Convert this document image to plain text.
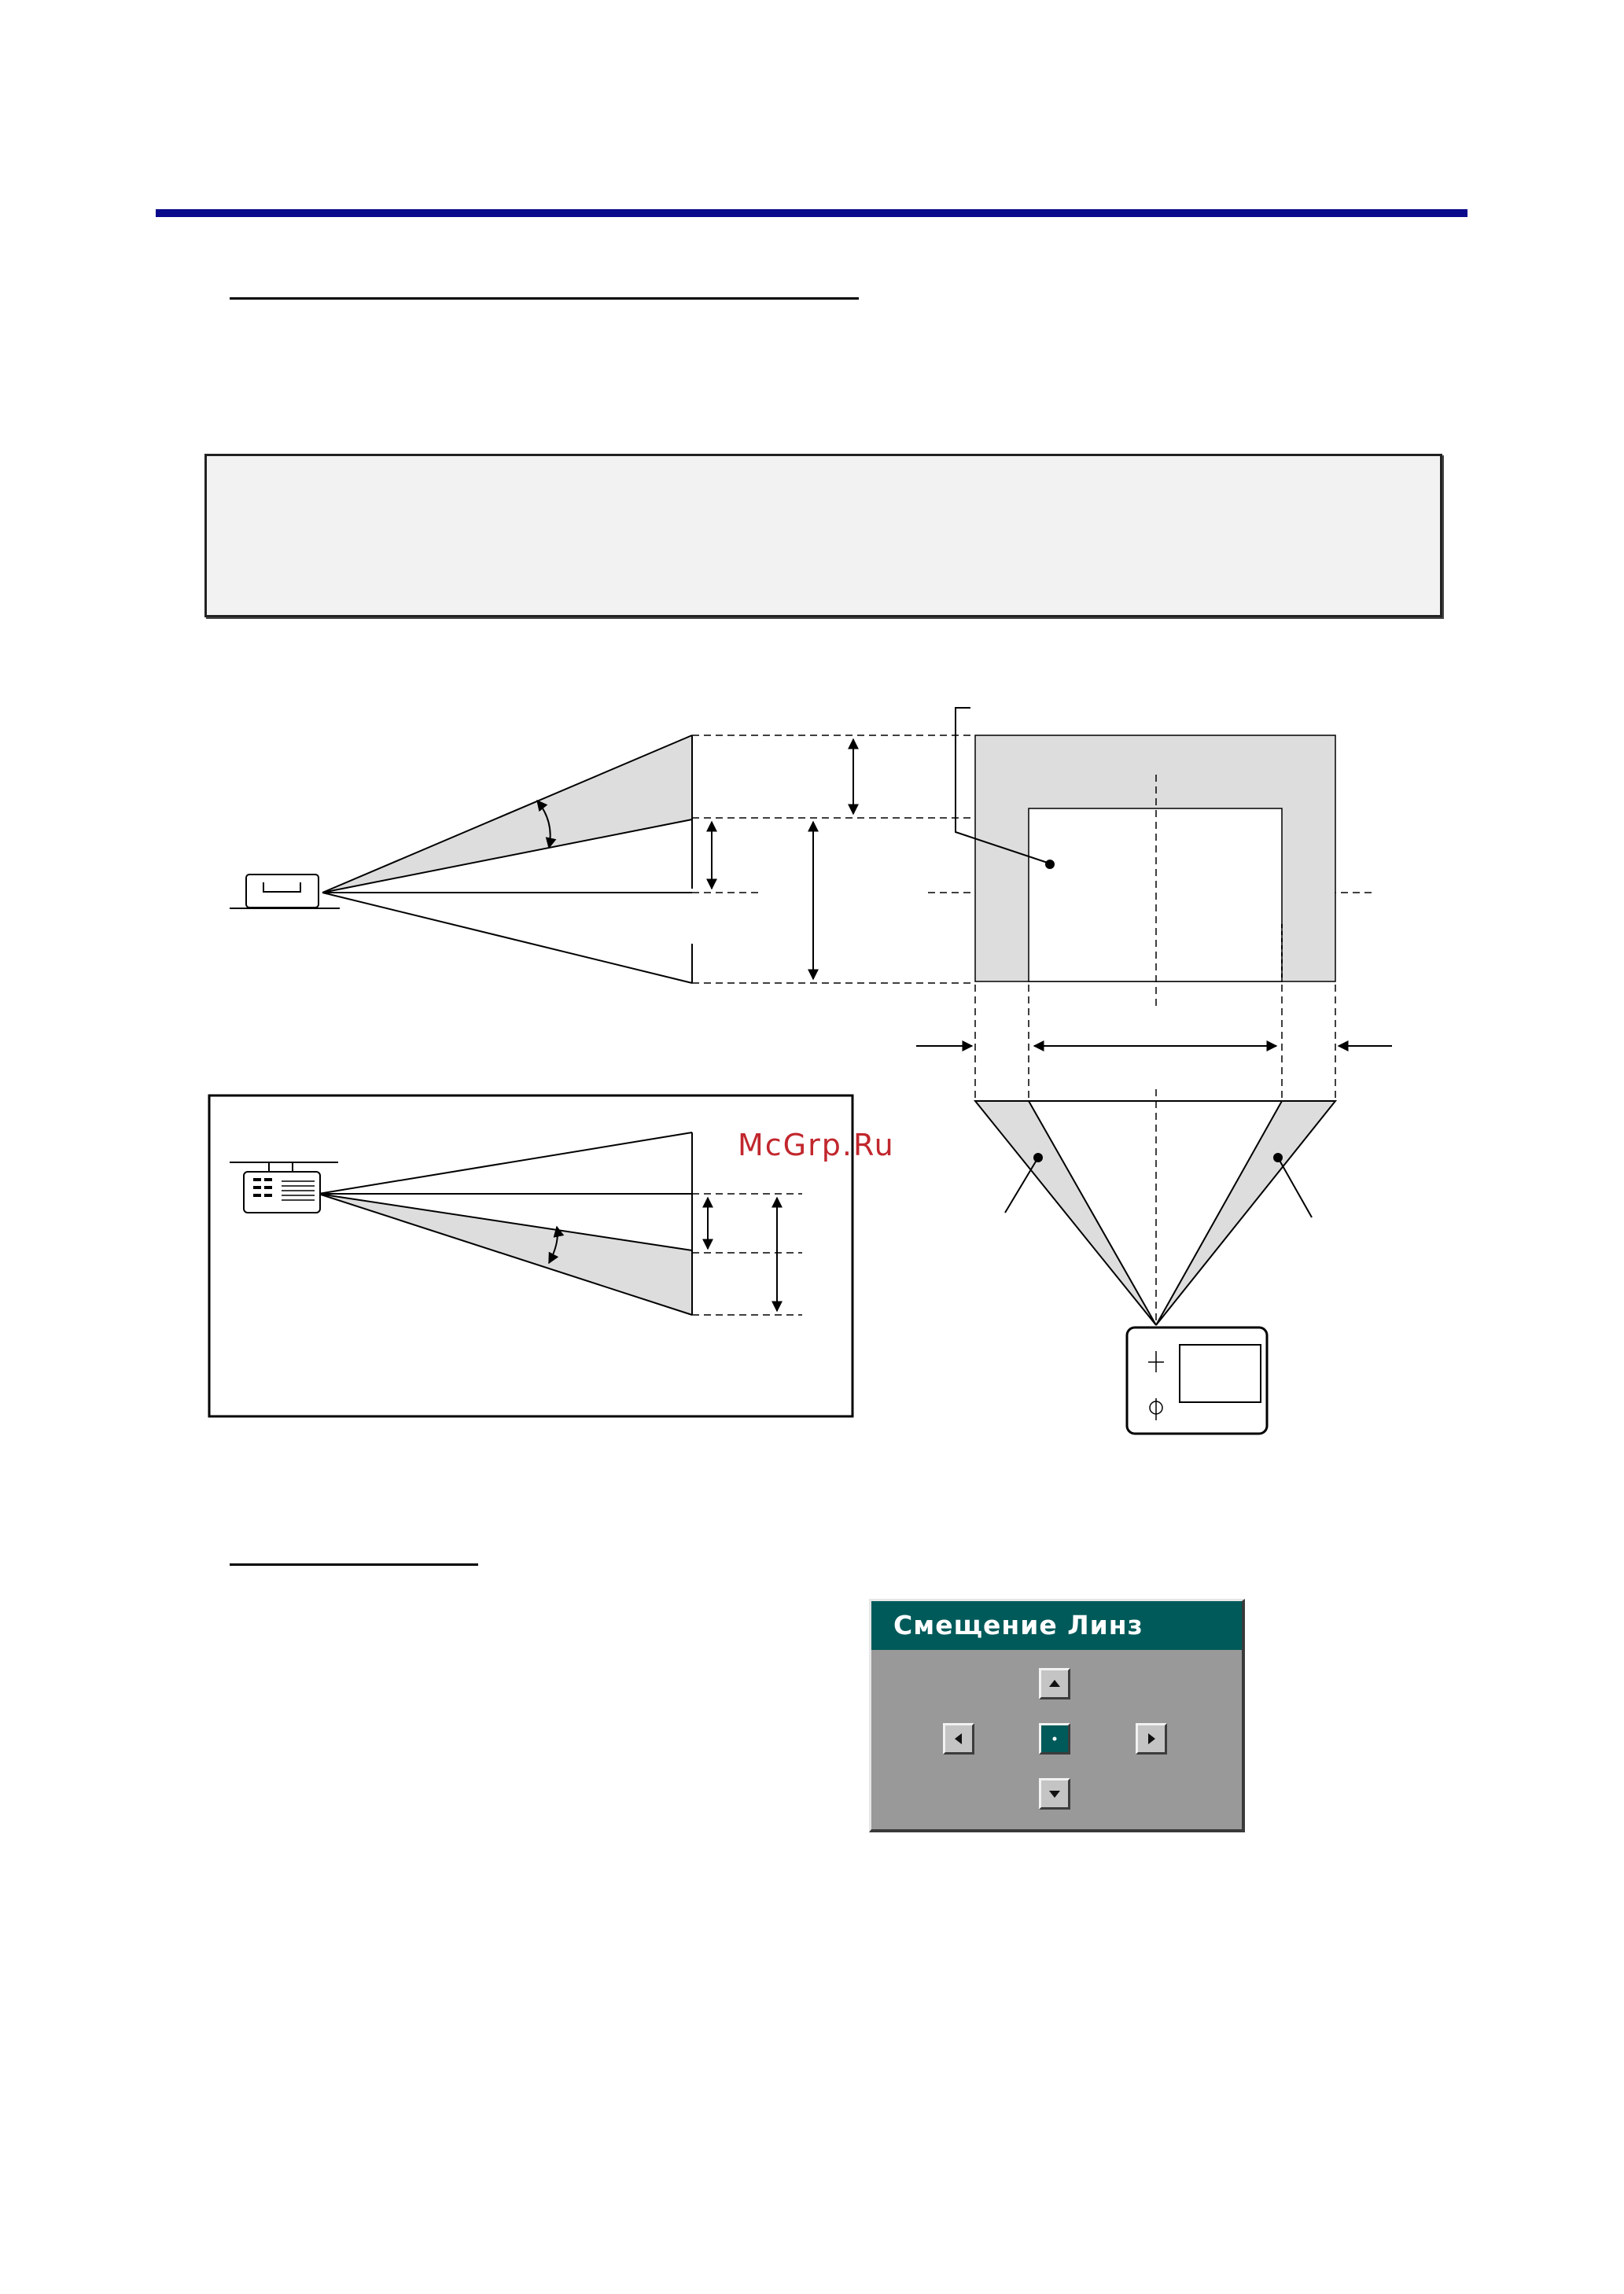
McGrp.Ru
Смещение Линз
